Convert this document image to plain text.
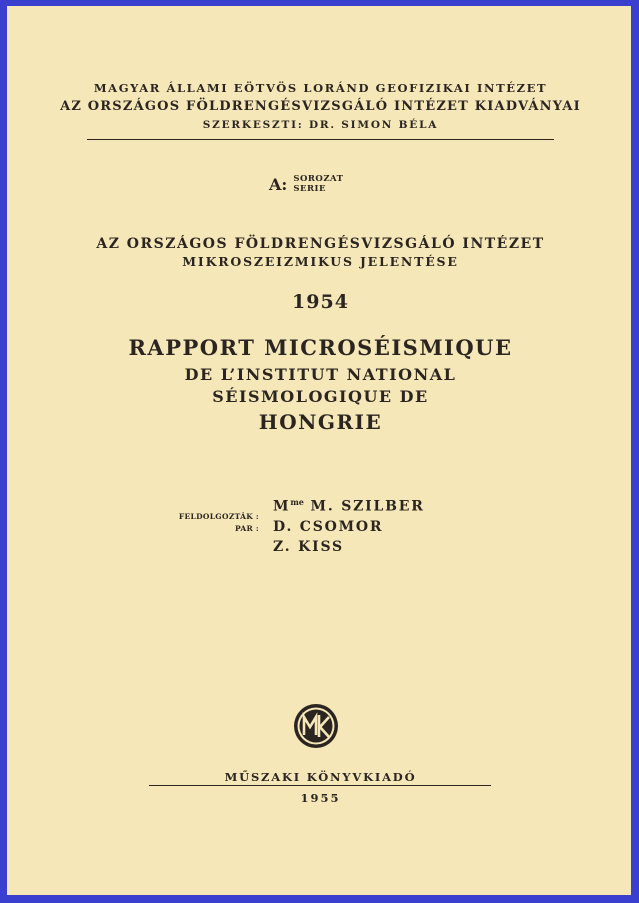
MAGYAR ÁLLAMI EÖTVÖS LORÁND GEOFIZIKAI INTÉZET
AZ ORSZÁGOS FÖLDRENGÉSVIZSGÁLÓ INTÉZET KIADVÁNYAI
SZERKESZTI: DR. SIMON BÉLA
A: SOROZAT
SERIE
AZ ORSZÁGOS FÖLDRENGÉSVIZSGÁLÓ INTÉZET
MIKROSZEIZMIKUS JELENTÉSE
1954
RAPPORT MICROSÉISMIQUE
DE L’INSTITUT NATIONAL
SÉISMOLOGIQUE DE
HONGRIE
FELDOLGOZTÁK :
PAR :
$M^{me}$ M. SZILBER
D. CSOMOR
Z. KISS
MŰSZAKI KÖNYVKIADÓ
1955
